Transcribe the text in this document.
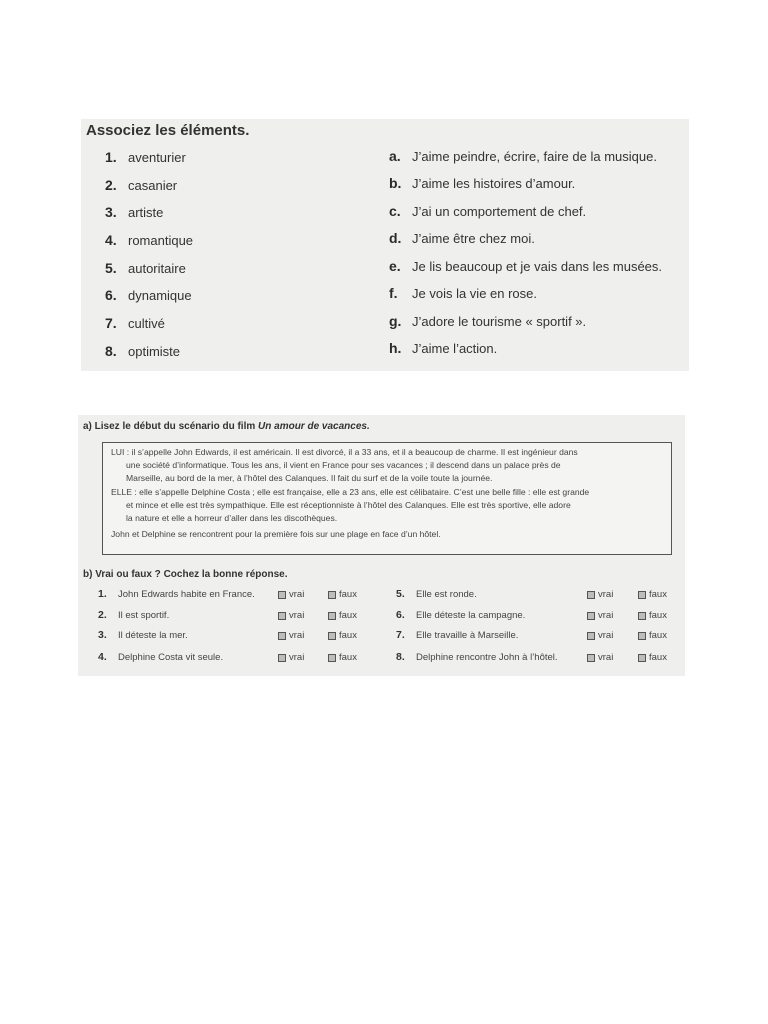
Associez les éléments.
1. aventurier
2. casanier
3. artiste
4. romantique
5. autoritaire
6. dynamique
7. cultivé
8. optimiste
a. J’aime peindre, écrire, faire de la musique.
b. J’aime les histoires d’amour.
c. J’ai un comportement de chef.
d. J’aime être chez moi.
e. Je lis beaucoup et je vais dans les musées.
f. Je vois la vie en rose.
g. J’adore le tourisme « sportif ».
h. J’aime l’action.
a) Lisez le début du scénario du film Un amour de vacances.

LUI : il s’appelle John Edwards, il est américain. Il est divorcé, il a 33 ans, et il a beaucoup de charme. Il est ingénieur dans

une société d’informatique. Tous les ans, il vient en France pour ses vacances ; il descend dans un palace près de

Marseille, au bord de la mer, à l’hôtel des Calanques. Il fait du surf et de la voile toute la journée.

ELLE : elle s’appelle Delphine Costa ; elle est française, elle a 23 ans, elle est célibataire. C’est une belle fille : elle est grande

et mince et elle est très sympathique. Elle est réceptionniste à l’hôtel des Calanques. Elle est très sportive, elle adore

la nature et elle a horreur d’aller dans les discothèques.

John et Delphine se rencontrent pour la première fois sur une plage en face d’un hôtel.

b) Vrai ou faux ? Cochez la bonne réponse.
1. John Edwards habite en France.	vrai	faux
2. Il est sportif.	vrai	faux
3. Il déteste la mer.	vrai	faux
4. Delphine Costa vit seule.	vrai	faux
5. Elle est ronde.	vrai	faux
6. Elle déteste la campagne.	vrai	faux
7. Elle travaille à Marseille.	vrai	faux
8. Delphine rencontre John à l’hôtel.	vrai	faux
